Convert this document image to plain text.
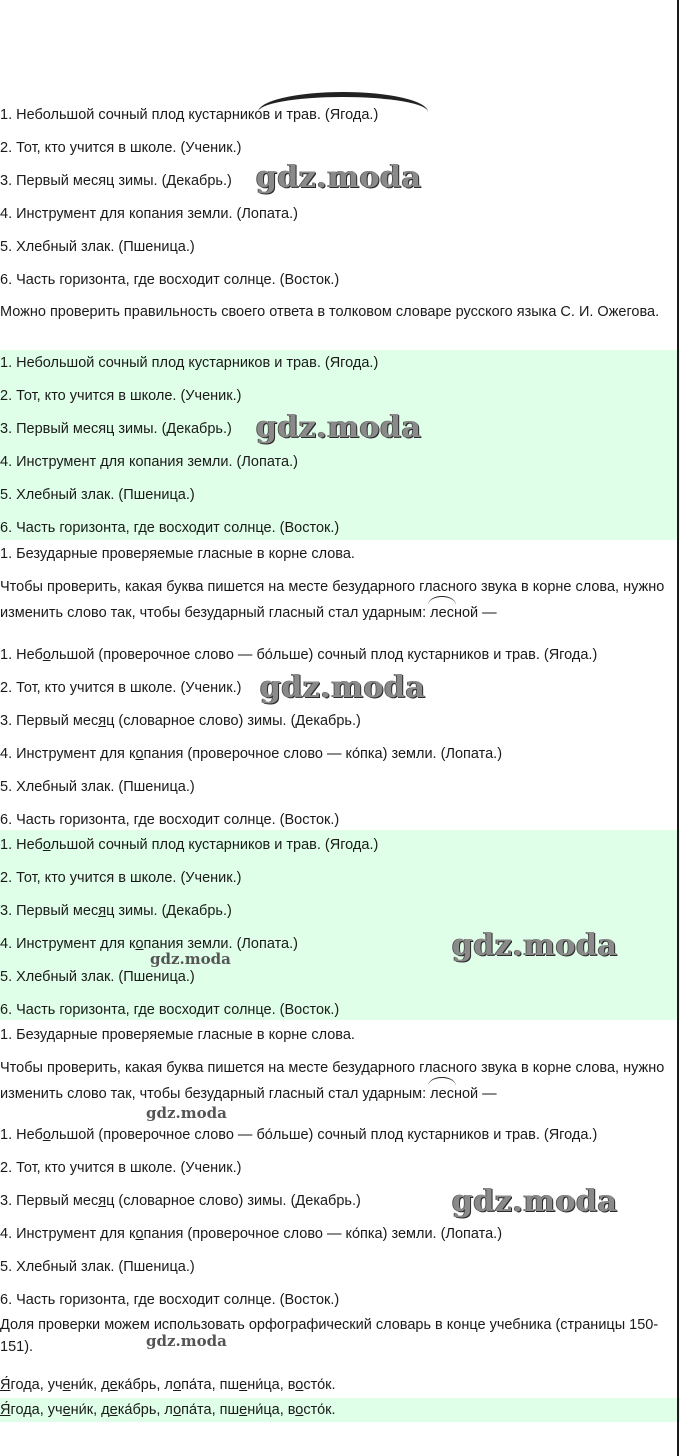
1. Небольшой сочный плод кустарников и трав. (Ягода.)
2. Тот, кто учится в школе. (Ученик.)
3. Первый месяц зимы. (Декабрь.)
4. Инструмент для копания земли. (Лопата.)
5. Хлебный злак. (Пшеница.)
6. Часть горизонта, где восходит солнце. (Восток.)
gdz.moda
Можно проверить правильность своего ответа в толковом словаре русского языка С. И. Ожегова.
1. Небольшой сочный плод кустарников и трав. (Ягода.)
2. Тот, кто учится в школе. (Ученик.)
3. Первый месяц зимы. (Декабрь.)
4. Инструмент для копания земли. (Лопата.)
5. Хлебный злак. (Пшеница.)
6. Часть горизонта, где восходит солнце. (Восток.)
gdz.moda
1. Безударные проверяемые гласные в корне слова.
Чтобы проверить, какая буква пишется на месте безударного гласного звука в корне слова, нужно изменить слово так, чтобы безударный гласный стал ударным: лесной —
1. Небольшой (проверочное слово — бо́льше) сочный плод кустарников и трав. (Ягода.)
2. Тот, кто учится в школе. (Ученик.)
3. Первый месяц (словарное слово) зимы. (Декабрь.)
4. Инструмент для копания (проверочное слово — ко́пка) земли. (Лопата.)
5. Хлебный злак. (Пшеница.)
6. Часть горизонта, где восходит солнце. (Восток.)
gdz.moda
1. Небольшой сочный плод кустарников и трав. (Ягода.)
2. Тот, кто учится в школе. (Ученик.)
3. Первый месяц зимы. (Декабрь.)
4. Инструмент для копания земли. (Лопата.)
5. Хлебный злак. (Пшеница.)
6. Часть горизонта, где восходит солнце. (Восток.)
gdz.moda
gdz.moda
1. Безударные проверяемые гласные в корне слова.
Чтобы проверить, какая буква пишется на месте безударного гласного звука в корне слова, нужно изменить слово так, чтобы безударный гласный стал ударным: лесной —
gdz.moda
1. Небольшой (проверочное слово — бо́льше) сочный плод кустарников и трав. (Ягода.)
2. Тот, кто учится в школе. (Ученик.)
3. Первый месяц (словарное слово) зимы. (Декабрь.)
4. Инструмент для копания (проверочное слово — ко́пка) земли. (Лопата.)
5. Хлебный злак. (Пшеница.)
6. Часть горизонта, где восходит солнце. (Восток.)
gdz.moda
Доля проверки можем использовать орфографический словарь в конце учебника (страницы 150-151).	gdz.moda
Я́года, учени́к, дека́брь, лопа́та, пшени́ца, восто́к.
Я́года, учени́к, дека́брь, лопа́та, пшени́ца, восто́к.
